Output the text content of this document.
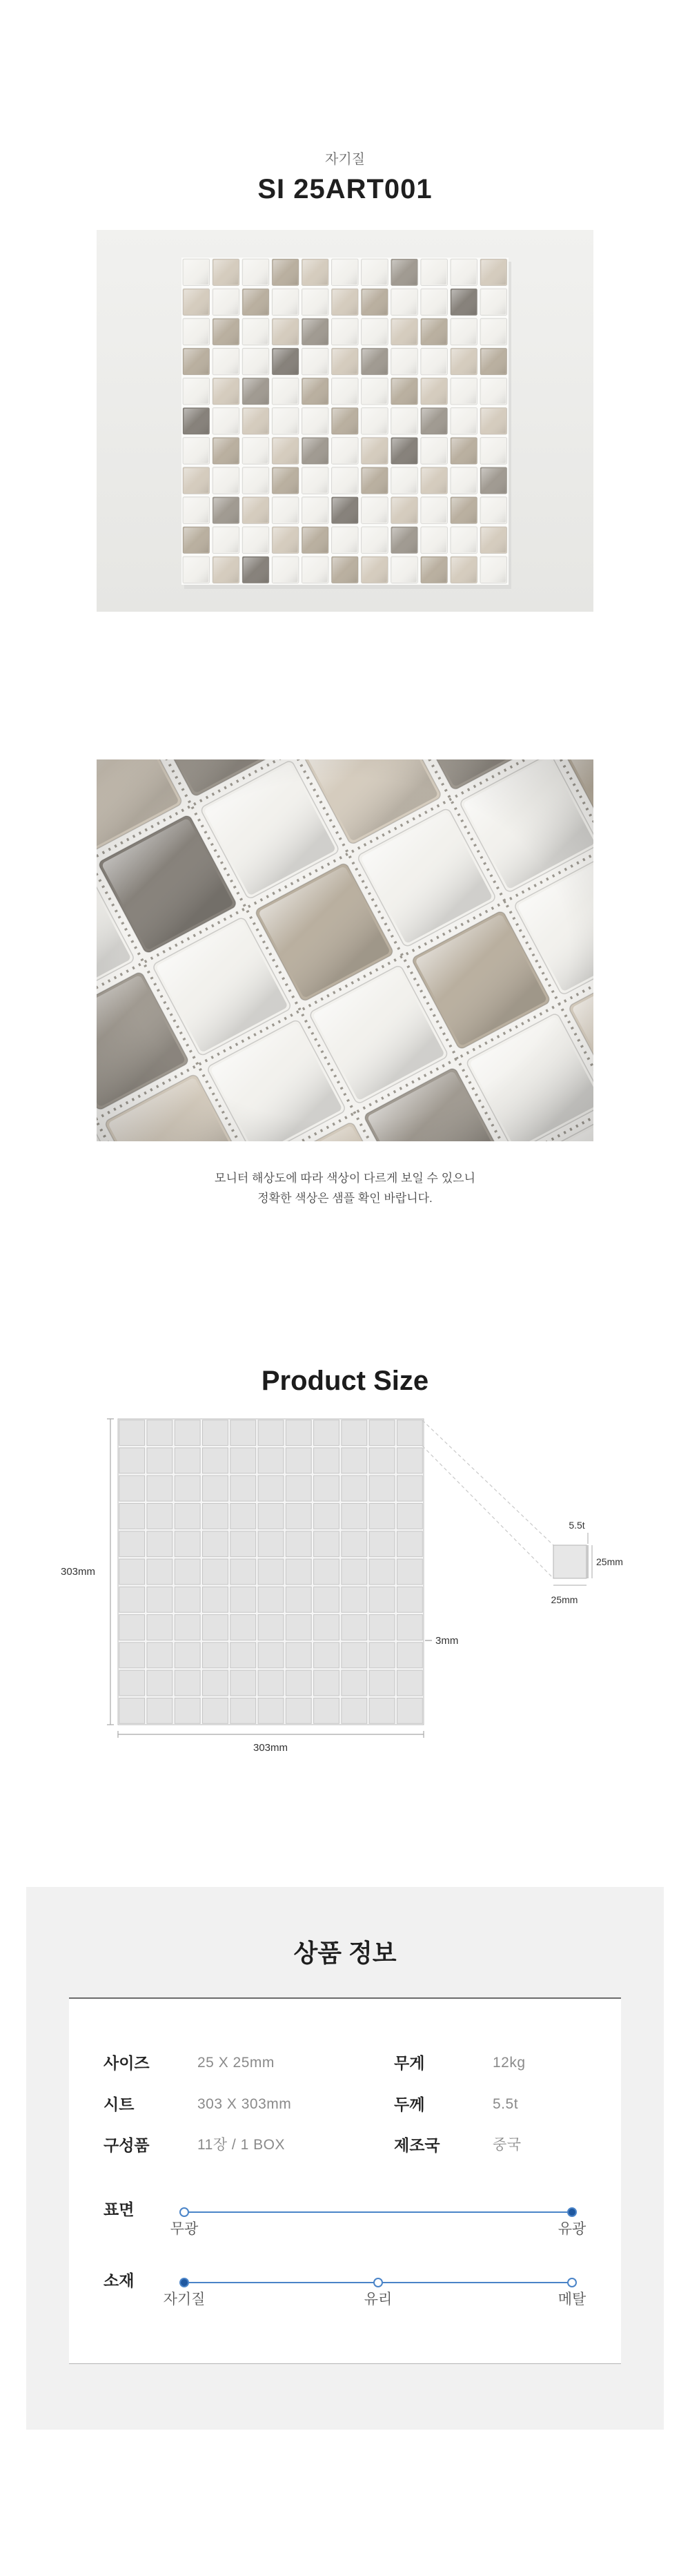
자기질
SI 25ART001
모니터 해상도에 따라 색상이 다르게 보일 수 있으니
정확한 색상은 샘플 확인 바랍니다.
Product Size
303mm
303mm
3mm
5.5t
25mm
25mm
상품 정보
사이즈	25 X 25mm	무게	12kg
시트	303 X 303mm	두께	5.5t
구성품	11장 / 1 BOX	제조국	중국
표면
무광	유광
소재
자기질	유리	메탈
